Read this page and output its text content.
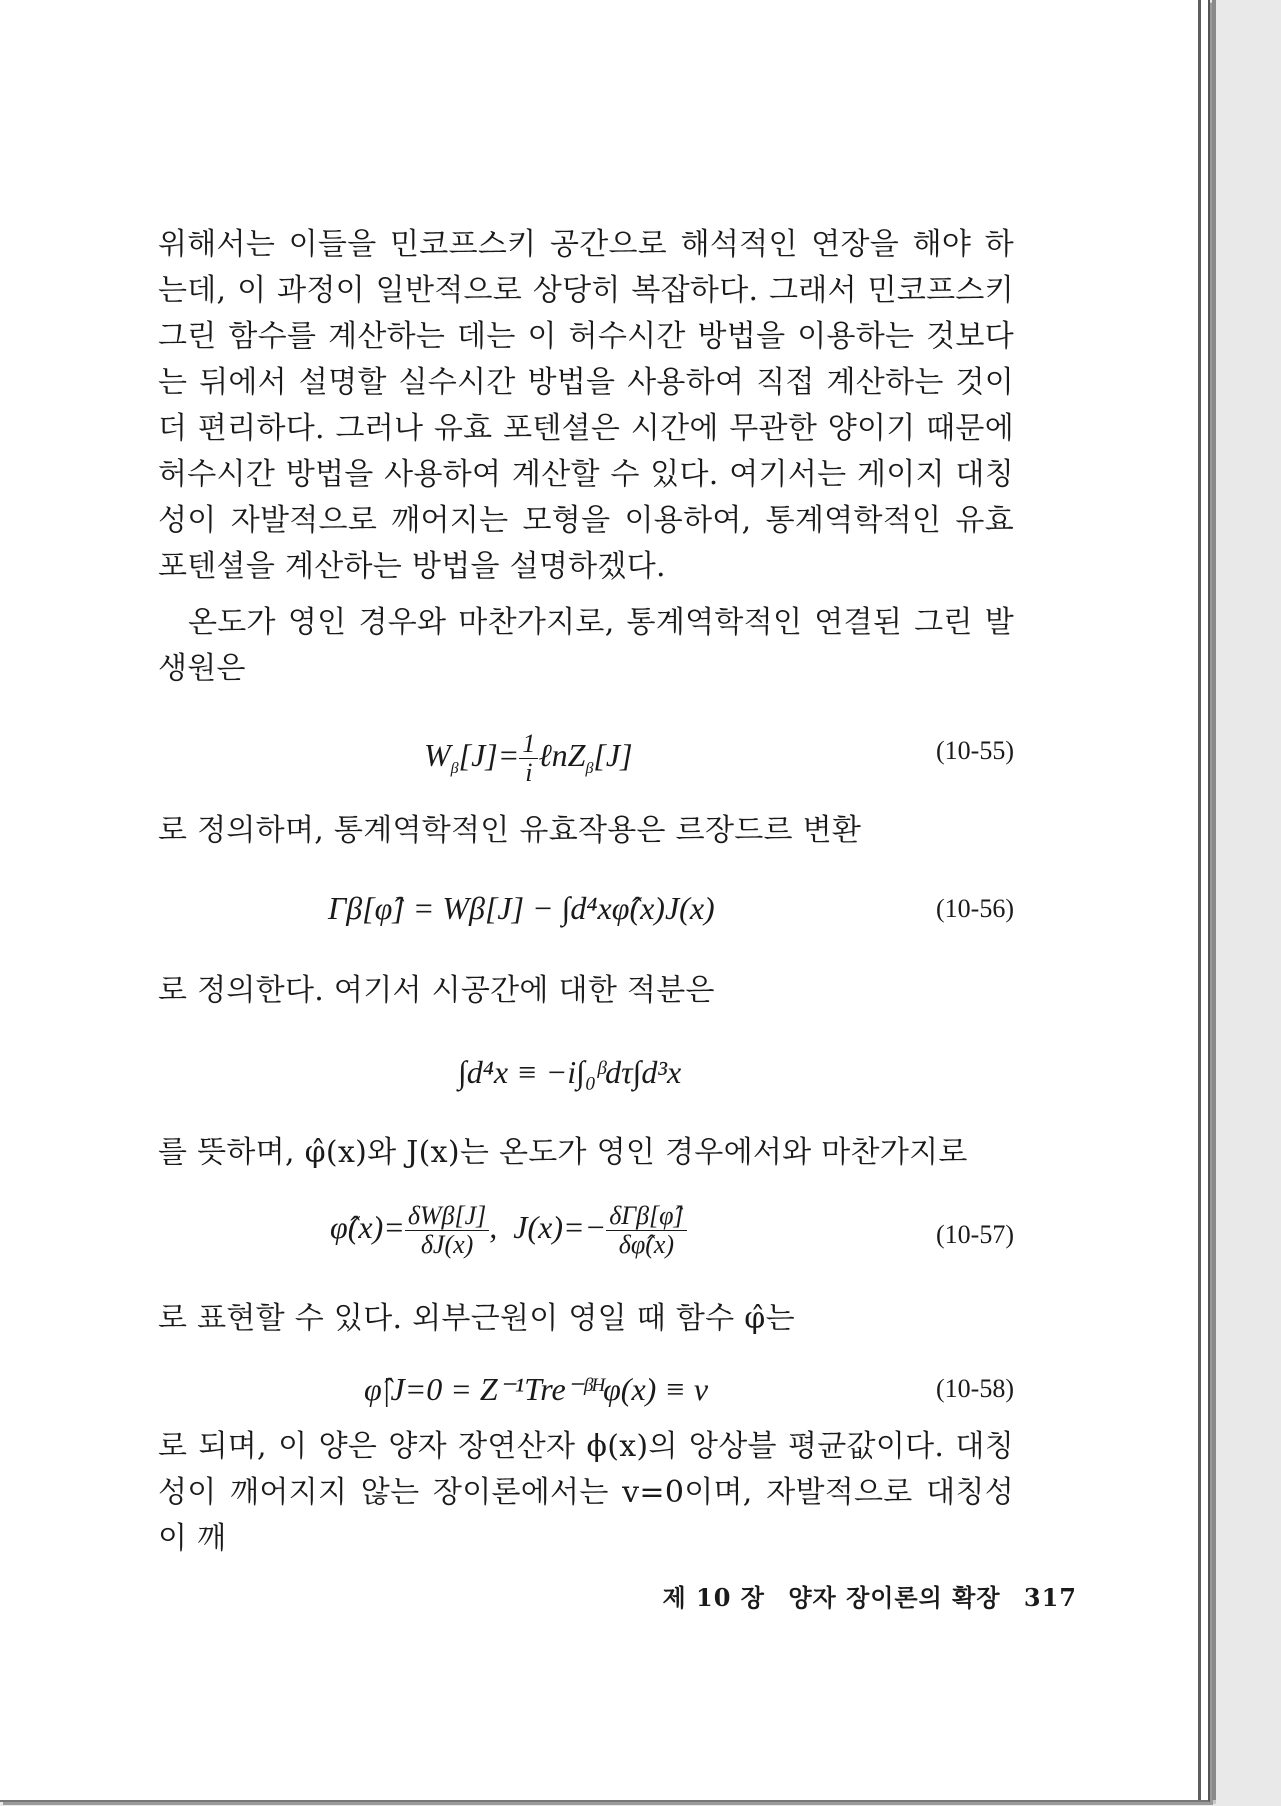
위해서는 이들을 민코프스키 공간으로 해석적인 연장을 해야 하는데, 이 과정이 일반적으로 상당히 복잡하다. 그래서 민코프스키 그린 함수를 계산하는 데는 이 허수시간 방법을 이용하는 것보다는 뒤에서 설명할 실수시간 방법을 사용하여 직접 계산하는 것이 더 편리하다. 그러나 유효 포텐셜은 시간에 무관한 양이기 때문에 허수시간 방법을 사용하여 계산할 수 있다. 여기서는 게이지 대칭성이 자발적으로 깨어지는 모형을 이용하여, 통계역학적인 유효 포텐셜을 계산하는 방법을 설명하겠다.

온도가 영인 경우와 마찬가지로, 통계역학적인 연결된 그린 발생원은

$W_\beta[J]= \frac{1}{i}$ ℓnZ$_\beta$[J]	(10-55)

로 정의하며, 통계역학적인 유효작용은 르장드르 변환

Γβ[φ̂] = Wβ[J] − ∫d⁴xφ̂(x)J(x)	(10-56)

로 정의한다. 여기서 시공간에 대한 적분은

∫d⁴x ≡ −i∫₀ᵝdτ∫d³x

를 뜻하며, φ̂(x)와 J(x)는 온도가 영인 경우에서와 마찬가지로

φ̂(x)= $\frac{\text{δWβ[J]}}{\delta J(x)}$ , $J(x)=- \frac{\text{δΓβ[φ̂]}}{\delta\varphî(x)}$	(10-57)

로 표현할 수 있다. 외부근원이 영일 때 함수 φ̂는

φ̂|J=0 = Z⁻¹Tre⁻ᵝᴴφ(x) ≡ v	(10-58)

로 되며, 이 양은 양자 장연산자 ϕ(x)의 앙상블 평균값이다. 대칭성이 깨어지지 않는 장이론에서는 v=0이며, 자발적으로 대칭성이 깨

제 10 장 양자 장이론의 확장 317
